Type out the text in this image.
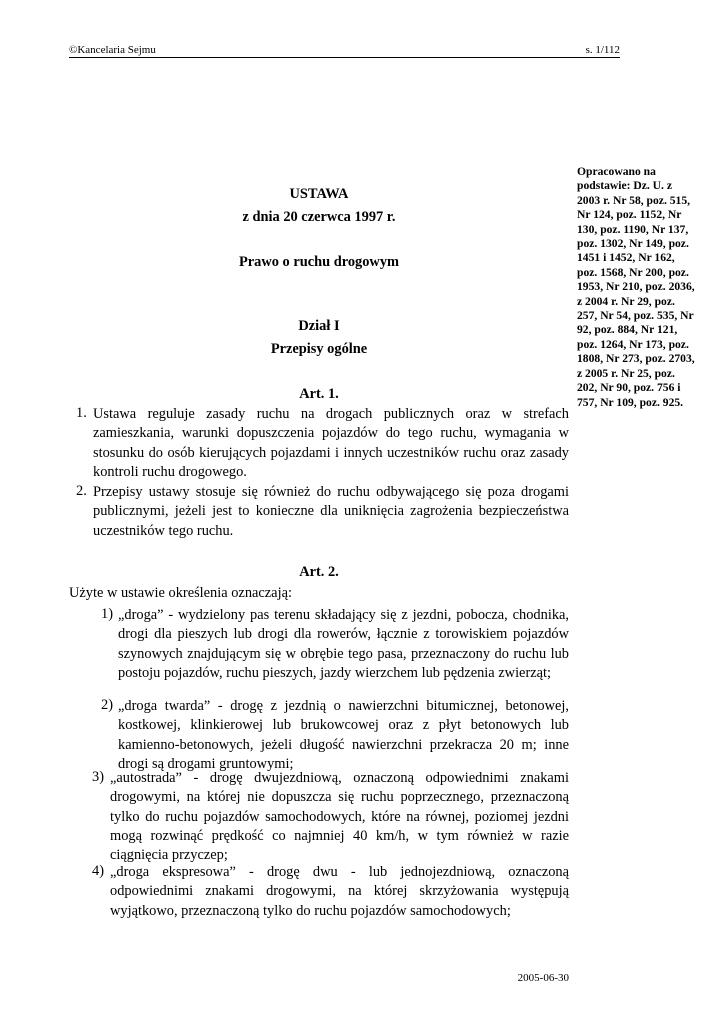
©Kancelaria Sejmu	s. 1/112
Opracowano na podstawie: Dz. U. z 2003 r. Nr 58, poz. 515, Nr 124, poz. 1152, Nr 130, poz. 1190, Nr 137, poz. 1302, Nr 149, poz. 1451 i 1452, Nr 162, poz. 1568, Nr 200, poz. 1953, Nr 210, poz. 2036, z 2004 r. Nr 29, poz. 257, Nr 54, poz. 535, Nr 92, poz. 884, Nr 121, poz. 1264, Nr 173, poz. 1808, Nr 273, poz. 2703, z 2005 r. Nr 25, poz. 202, Nr 90, poz. 756 i 757, Nr 109, poz. 925.
USTAWA
z dnia 20 czerwca 1997 r.
Prawo o ruchu drogowym
Dział I
Przepisy ogólne
Art. 1.
1. Ustawa reguluje zasady ruchu na drogach publicznych oraz w strefach zamieszkania, warunki dopuszczenia pojazdów do tego ruchu, wymagania w stosunku do osób kierujących pojazdami i innych uczestników ruchu oraz zasady kontroli ruchu drogowego.
2. Przepisy ustawy stosuje się również do ruchu odbywającego się poza drogami publicznymi, jeżeli jest to konieczne dla uniknięcia zagrożenia bezpieczeństwa uczestników tego ruchu.
Art. 2.
Użyte w ustawie określenia oznaczają:
1) „droga” - wydzielony pas terenu składający się z jezdni, pobocza, chodnika, drogi dla pieszych lub drogi dla rowerów, łącznie z torowiskiem pojazdów szynowych znajdującym się w obrębie tego pasa, przeznaczony do ruchu lub postoju pojazdów, ruchu pieszych, jazdy wierzchem lub pędzenia zwierząt;
2) „droga twarda” - drogę z jezdnią o nawierzchni bitumicznej, betonowej, kostkowej, klinkierowej lub brukowcowej oraz z płyt betonowych lub kamienno-betonowych, jeżeli długość nawierzchni przekracza 20 m; inne drogi są drogami gruntowymi;
3) „autostrada” - drogę dwujezdniową, oznaczoną odpowiednimi znakami drogowymi, na której nie dopuszcza się ruchu poprzecznego, przeznaczoną tylko do ruchu pojazdów samochodowych, które na równej, poziomej jezdni mogą rozwinąć prędkość co najmniej 40 km/h, w tym również w razie ciągnięcia przyczep;
4) „droga ekspresowa” - drogę dwu - lub jednojezdniową, oznaczoną odpowiednimi znakami drogowymi, na której skrzyżowania występują wyjątkowo, przeznaczoną tylko do ruchu pojazdów samochodowych;
2005-06-30
